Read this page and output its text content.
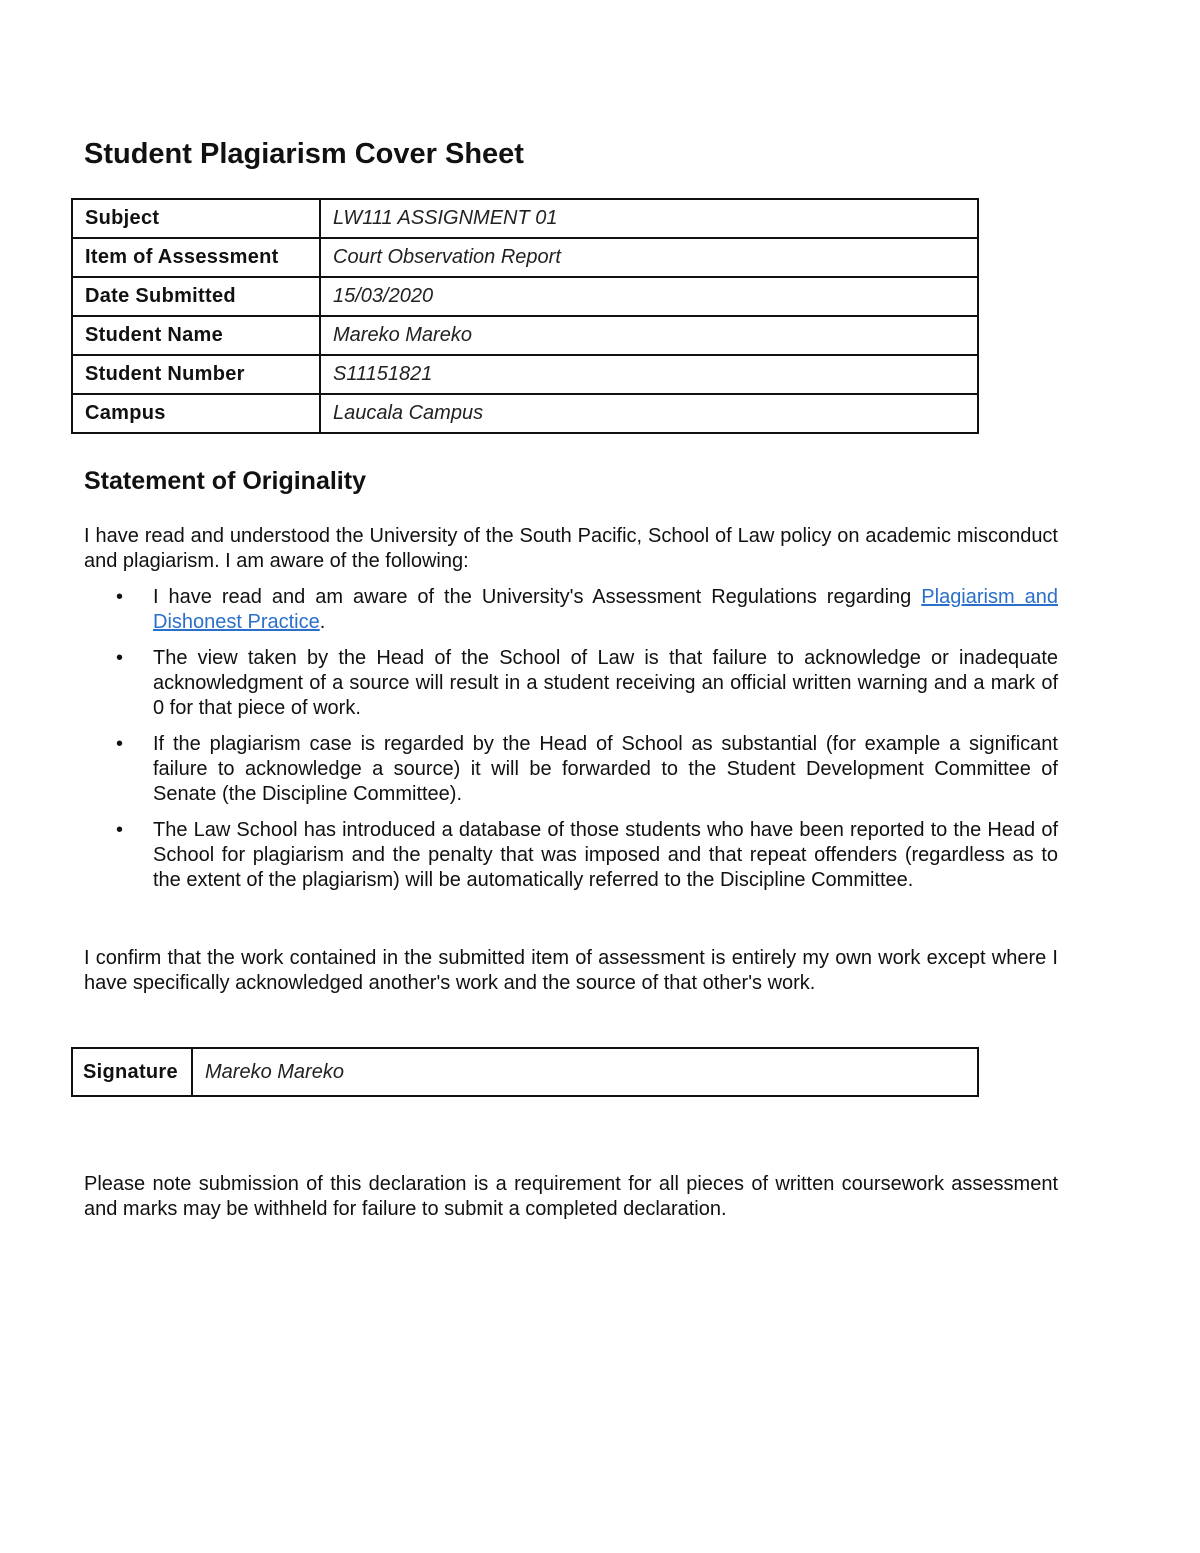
Student Plagiarism Cover Sheet
Subject	LW111 ASSIGNMENT 01
Item of Assessment	Court Observation Report
Date Submitted	15/03/2020
Student Name	Mareko Mareko
Student Number	S11151821
Campus	Laucala Campus
Statement of Originality

I have read and understood the University of the South Pacific, School of Law policy on academic misconduct and plagiarism. I am aware of the following:

• I have read and am aware of the University's Assessment Regulations regarding Plagiarism and Dishonest Practice.
• The view taken by the Head of the School of Law is that failure to acknowledge or inadequate acknowledgment of a source will result in a student receiving an official written warning and a mark of 0 for that piece of work.
• If the plagiarism case is regarded by the Head of School as substantial (for example a significant failure to acknowledge a source) it will be forwarded to the Student Development Committee of Senate (the Discipline Committee).
• The Law School has introduced a database of those students who have been reported to the Head of School for plagiarism and the penalty that was imposed and that repeat offenders (regardless as to the extent of the plagiarism) will be automatically referred to the Discipline Committee.

I confirm that the work contained in the submitted item of assessment is entirely my own work except where I have specifically acknowledged another's work and the source of that other's work.

Signature	Mareko Mareko

Please note submission of this declaration is a requirement for all pieces of written coursework assessment and marks may be withheld for failure to submit a completed declaration.
